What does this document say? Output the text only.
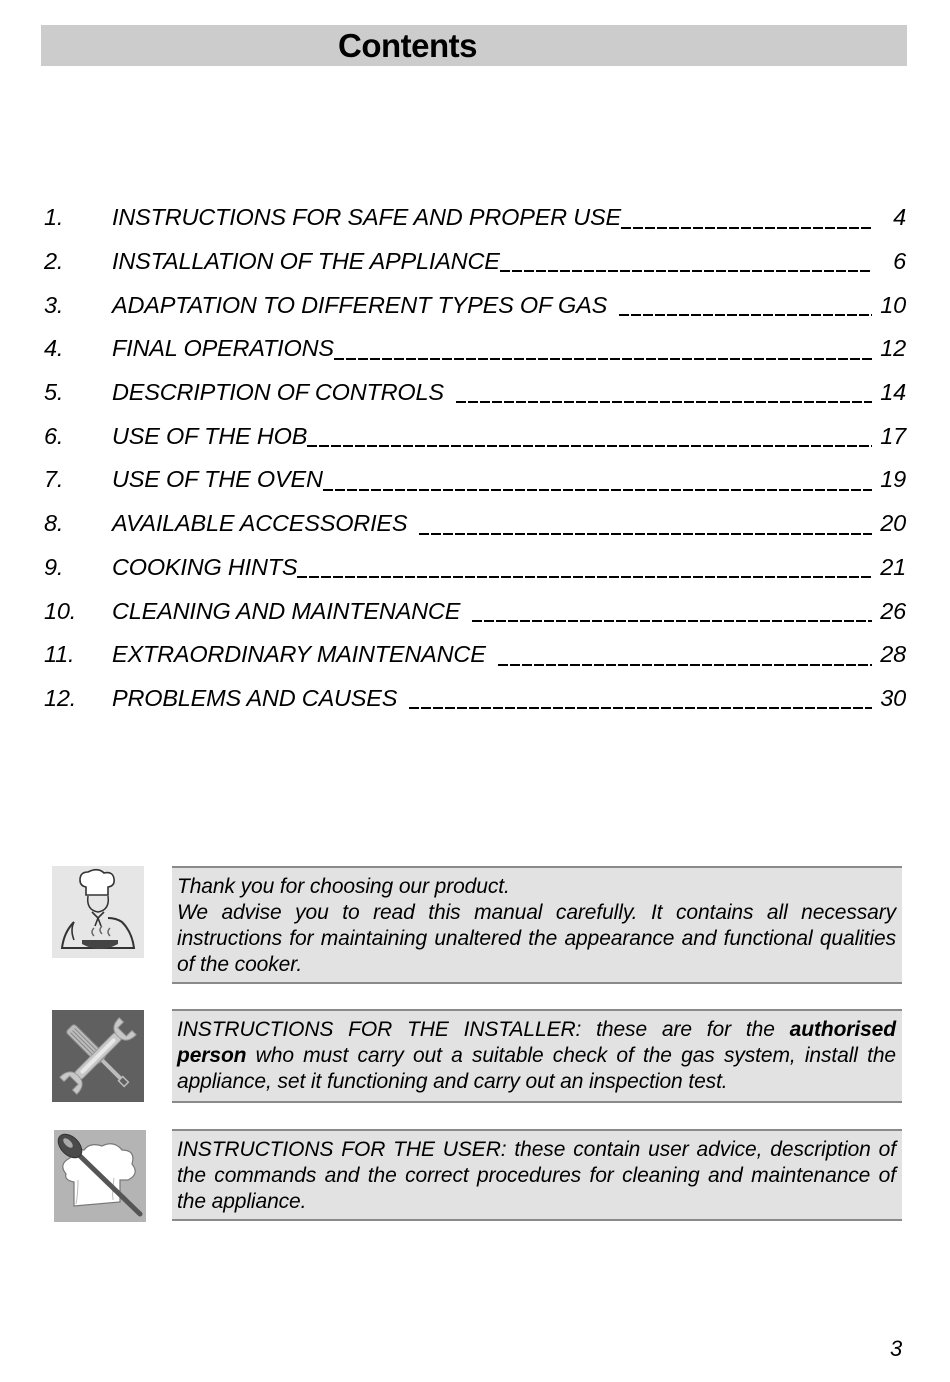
Contents
1.	INSTRUCTIONS FOR SAFE AND PROPER USE	4
2.	INSTALLATION OF THE APPLIANCE	6
3.	ADAPTATION TO DIFFERENT TYPES OF GAS	10
4.	FINAL OPERATIONS	12
5.	DESCRIPTION OF CONTROLS	14
6.	USE OF THE HOB	17
7.	USE OF THE OVEN	19
8.	AVAILABLE ACCESSORIES	20
9.	COOKING HINTS	21
10.	CLEANING AND MAINTENANCE	26
11.	EXTRAORDINARY MAINTENANCE	28
12.	PROBLEMS AND CAUSES	30

Thank you for choosing our product.

We advise you to read this manual carefully. It contains all necessary instructions for maintaining unaltered the appearance and functional qualities of the cooker.

INSTRUCTIONS FOR THE INSTALLER: these are for the authorised person who must carry out a suitable check of the gas system, install the appliance, set it functioning and carry out an inspection test.

INSTRUCTIONS FOR THE USER: these contain user advice, description of the commands and the correct procedures for cleaning and maintenance of the appliance.

3
